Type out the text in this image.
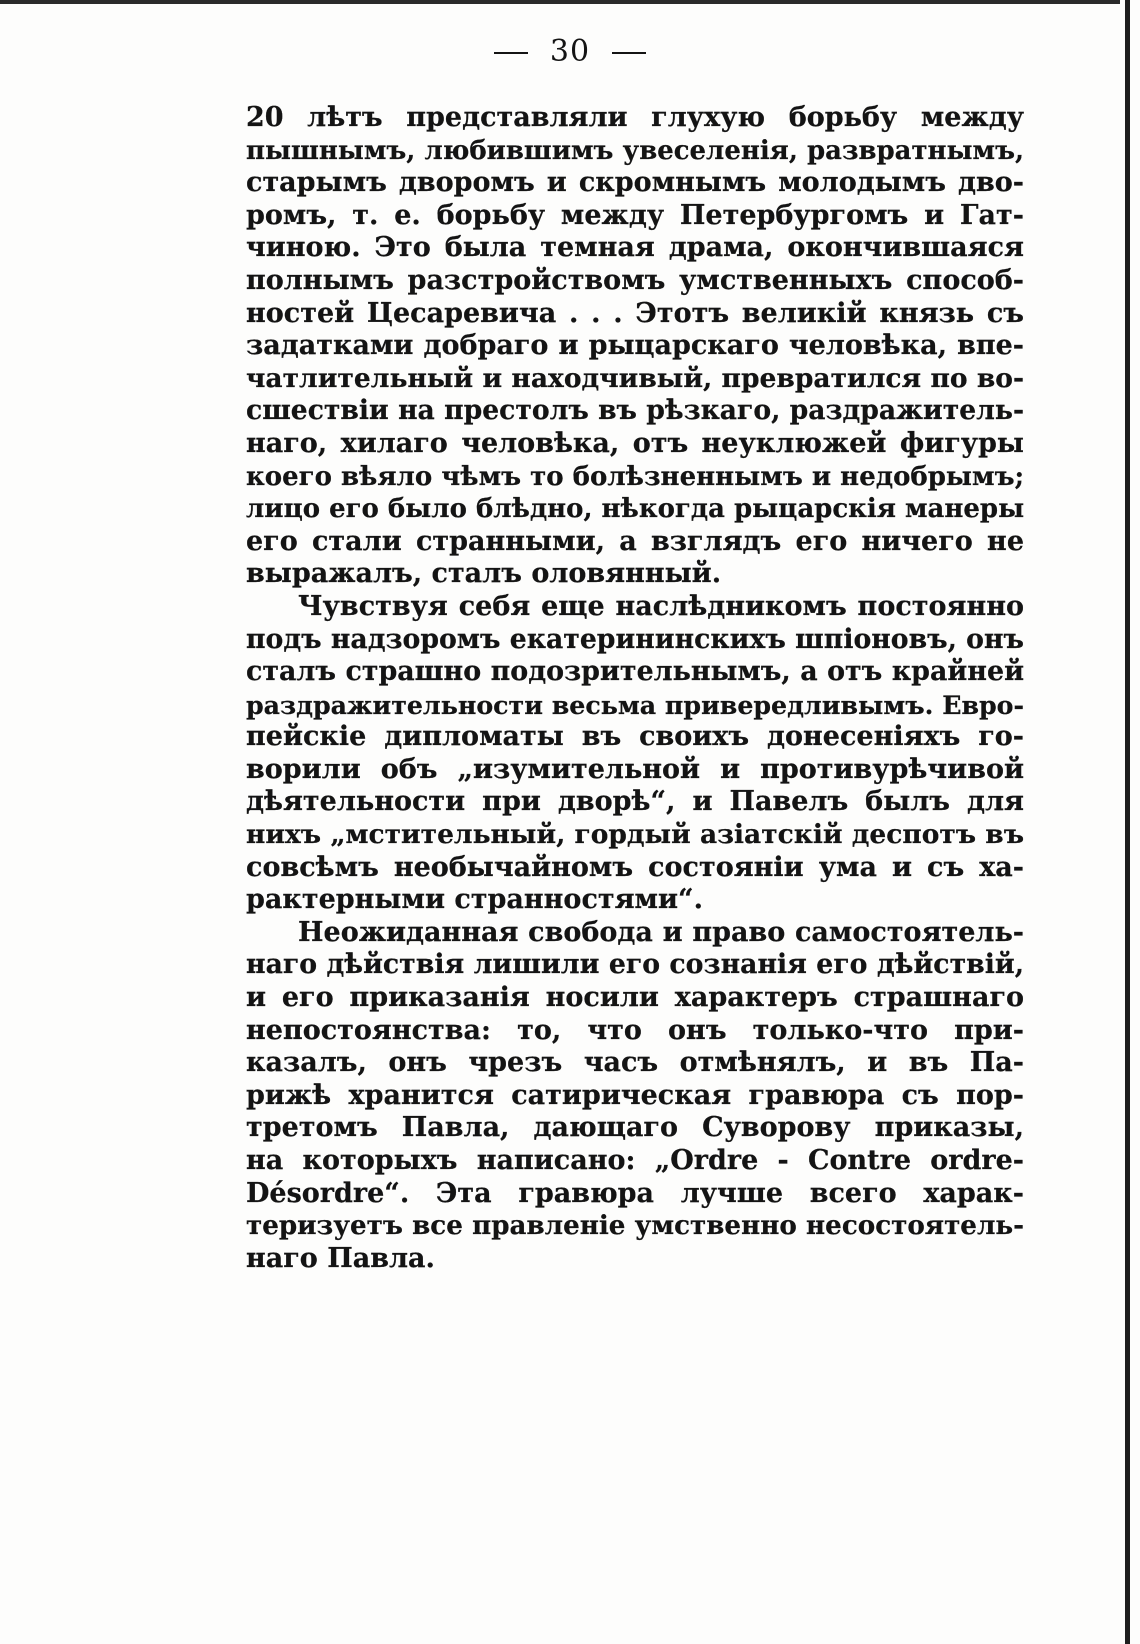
30

20 лѣтъ представляли глухую борьбу между
пышнымъ, любившимъ увеселенія, развратнымъ,
старымъ дворомъ и скромнымъ молодымъ дво-
ромъ, т. е. борьбу между Петербургомъ и Гат-
чиною. Это была темная драма, окончившаяся
полнымъ разстройствомъ умственныхъ способ-
ностей Цесаревича . . . Этотъ великій князь съ
задатками добраго и рыцарскаго человѣка, впе-
чатлительный и находчивый, превратился по во-
сшествіи на престолъ въ рѣзкаго, раздражитель-
наго, хилаго человѣка, отъ неуклюжей фигуры
коего вѣяло чѣмъ то болѣзненнымъ и недобрымъ;
лицо его было блѣдно, нѣкогда рыцарскія манеры
его стали странными, а взглядъ его ничего не
выражалъ, сталъ оловянный.

Чувствуя себя еще наслѣдникомъ постоянно
подъ надзоромъ екатерининскихъ шпіоновъ, онъ
сталъ страшно подозрительнымъ, а отъ крайней
раздражительности весьма привередливымъ. Евро-
пейскіе дипломаты въ своихъ донесеніяхъ го-
ворили объ „изумительной и противурѣчивой
дѣятельности при дворѣ“, и Павелъ былъ для
нихъ „мстительный, гордый азіатскій деспотъ въ
совсѣмъ необычайномъ состояніи ума и съ ха-
рактерными странностями“.

Неожиданная свобода и право самостоятель-
наго дѣйствія лишили его сознанія его дѣйствій,
и его приказанія носили характеръ страшнаго
непостоянства: то, что онъ только-что при-
казалъ, онъ чрезъ часъ отмѣнялъ, и въ Па-
рижѣ хранится сатирическая гравюра съ пор-
третомъ Павла, дающаго Суворову приказы,
на которыхъ написано: „Ordre - Contre ordre-
Désordre“. Эта гравюра лучше всего харак-
теризуетъ все правленіе умственно несостоятель-
наго Павла.
